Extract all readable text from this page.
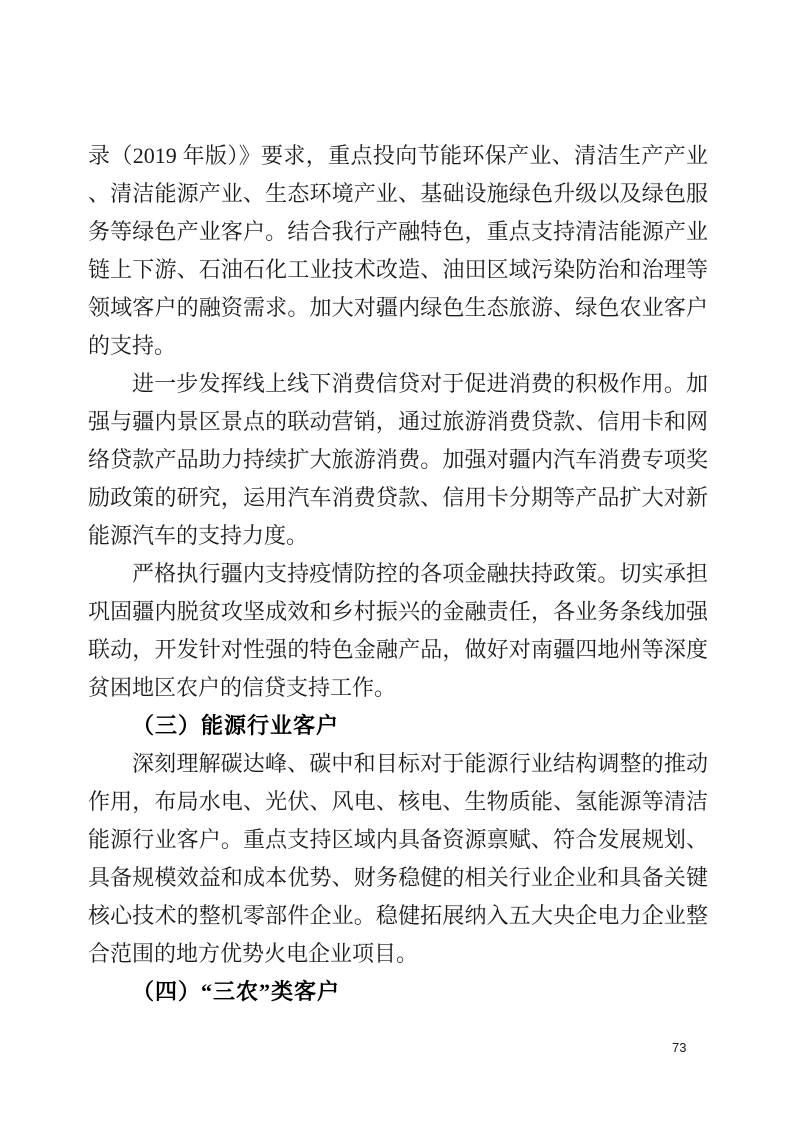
录（2019 年版）》要求，重点投向节能环保产业、清洁生产产业、清洁能源产业、生态环境产业、基础设施绿色升级以及绿色服务等绿色产业客户。结合我行产融特色，重点支持清洁能源产业链上下游、石油石化工业技术改造、油田区域污染防治和治理等领域客户的融资需求。加大对疆内绿色生态旅游、绿色农业客户的支持。

进一步发挥线上线下消费信贷对于促进消费的积极作用。加强与疆内景区景点的联动营销，通过旅游消费贷款、信用卡和网络贷款产品助力持续扩大旅游消费。加强对疆内汽车消费专项奖励政策的研究，运用汽车消费贷款、信用卡分期等产品扩大对新能源汽车的支持力度。

严格执行疆内支持疫情防控的各项金融扶持政策。切实承担巩固疆内脱贫攻坚成效和乡村振兴的金融责任，各业务条线加强联动，开发针对性强的特色金融产品，做好对南疆四地州等深度贫困地区农户的信贷支持工作。

（三）能源行业客户

深刻理解碳达峰、碳中和目标对于能源行业结构调整的推动作用，布局水电、光伏、风电、核电、生物质能、氢能源等清洁能源行业客户。重点支持区域内具备资源禀赋、符合发展规划、具备规模效益和成本优势、财务稳健的相关行业企业和具备关键核心技术的整机零部件企业。稳健拓展纳入五大央企电力企业整合范围的地方优势火电企业项目。

（四）“三农”类客户
73
